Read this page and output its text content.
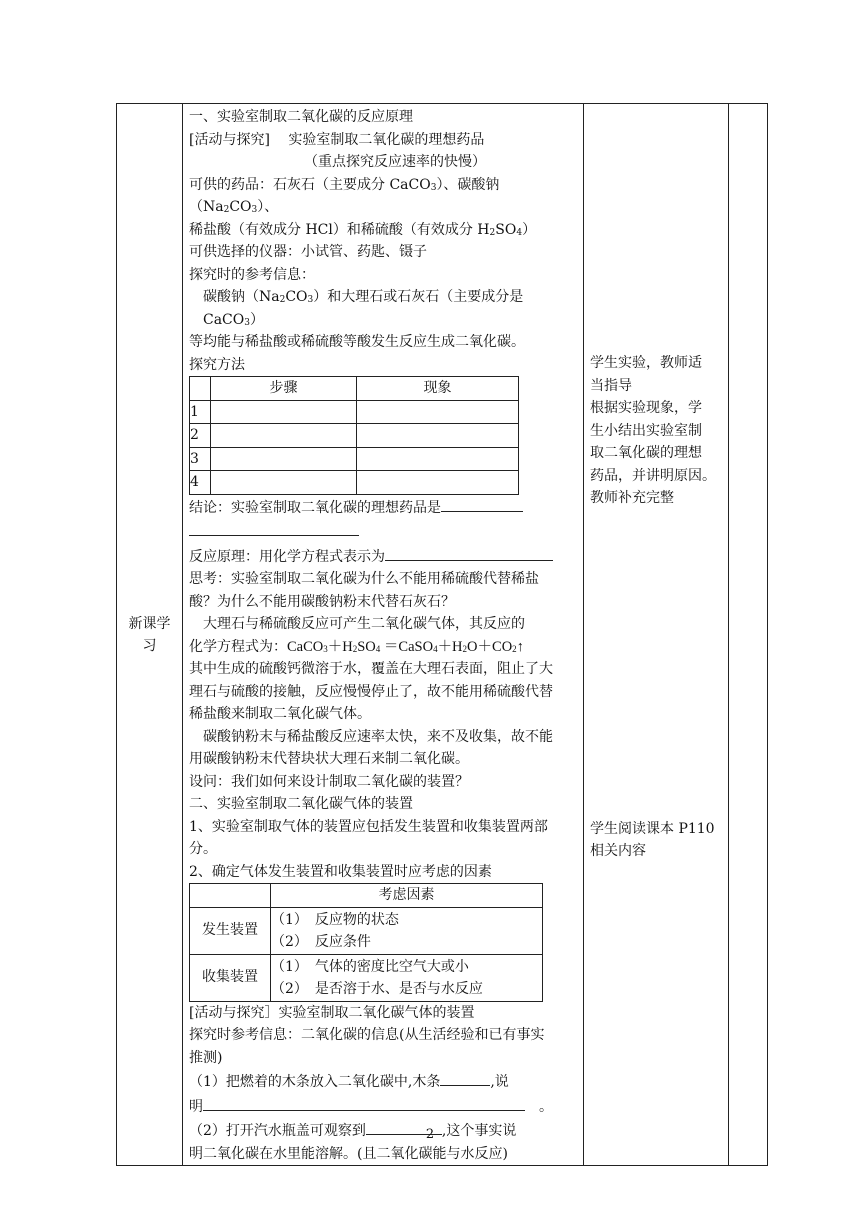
新课学习	

一、实验室制取二氧化碳的反应原理

[活动与探究]　 实验室制取二氧化碳的理想药品

（重点探究反应速率的快慢）

可供的药品：石灰石（主要成分 CaCO$_3$）、碳酸钠$(Na_2CO_3)$、

稀盐酸（有效成分 HCl）和稀硫酸（有效成分 $H_2SO_4$）

可供选择的仪器：小试管、药匙、镊子

探究时的参考信息：

碳酸钠$(Na_2CO_3)$和大理石或石灰石（主要成分是 CaCO$_3$）

等均能与稀盐酸或稀硫酸等酸发生反应生成二氧化碳。

探究方法

	步骤	现象
1		
2		
3		
4		

结论：实验室制取二氧化碳的理想药品是

反应原理：用化学方程式表示为

思考：实验室制取二氧化碳为什么不能用稀硫酸代替稀盐

酸？为什么不能用碳酸钠粉末代替石灰石？

大理石与稀硫酸反应可产生二氧化碳气体，其反应的

化学方程式为：$CaCO_3+H_2SO_4$ $=CaSO_4+H_2O+CO_2↑$

其中生成的硫酸钙微溶于水，覆盖在大理石表面，阻止了大

理石与硫酸的接触，反应慢慢停止了，故不能用稀硫酸代替

稀盐酸来制取二氧化碳气体。

碳酸钠粉末与稀盐酸反应速率太快，来不及收集，故不能

用碳酸钠粉末代替块状大理石来制二氧化碳。

设问：我们如何来设计制取二氧化碳的装置？

二、实验室制取二氧化碳气体的装置

1、实验室制取气体的装置应包括发生装置和收集装置两部

分。

2、确定气体发生装置和收集装置时应考虑的因素

	考虑因素
发生装置	
（1）　反应物的状态
（2）　反应条件

收集装置	
（1）　气体的密度比空气大或小
（2）　是否溶于水、是否与水反应

[活动与探究］实验室制取二氧化碳气体的装置

探究时参考信息：二氧化碳的信息(从生活经验和已有事实

推测)

（1）把燃着的木条放入二氧化碳中,木条	,说

明	。

（2）打开汽水瓶盖可观察到	,这个事实说

明二氧化碳在水里能溶解。(且二氧化碳能与水反应)

学生实验，教师适
当指导
根据实验现象，学
生小结出实验室制
取二氧化碳的理想
药品，并讲明原因。
教师补充完整
学生阅读课本 P110
相关内容

2
